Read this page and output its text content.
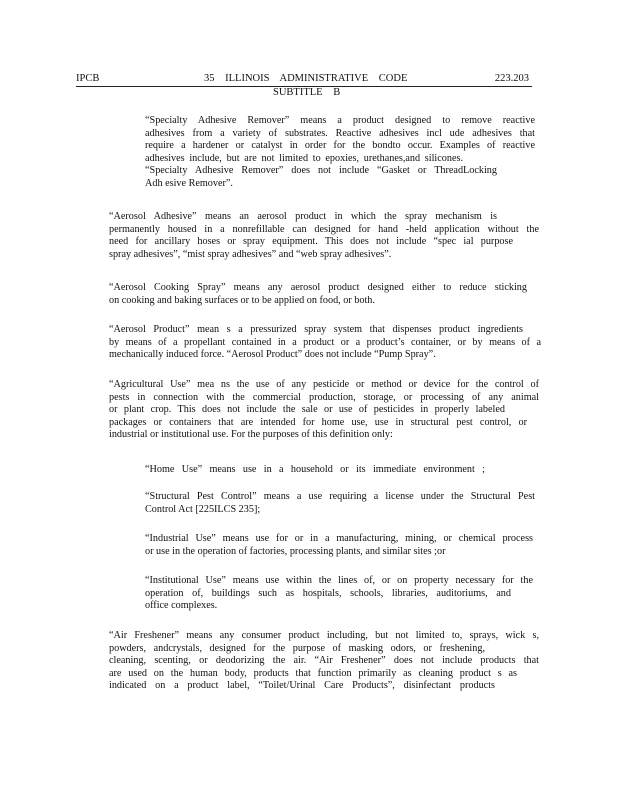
IPCB	35 ILLINOIS ADMINISTRATIVE CODE	223.203
SUBTITLE B
“Specialty Adhesive Remover” means a product designed to remove reactive
adhesives from a variety of substrates. Reactive adhesives incl ude adhesives that
require a hardener or catalyst in order for the bondto occur. Examples of reactive
adhesives include, but are not limited to epoxies, urethanes,and silicones.
“Specialty Adhesive Remover” does not include “Gasket or ThreadLocking
Adh esive Remover”.
“Aerosol Adhesive” means an aerosol product in which the spray mechanism is
permanently housed in a nonrefillable can designed for hand -held application without the
need for ancillary hoses or spray equipment. This does not include “spec ial purpose
spray adhesives”, “mist spray adhesives” and “web spray adhesives”.
“Aerosol Cooking Spray” means any aerosol product designed either to reduce sticking
on cooking and baking surfaces or to be applied on food, or both.
“Aerosol Product” mean s a pressurized spray system that dispenses product ingredients
by means of a propellant contained in a product or a product’s container, or by means of a
mechanically induced force. “Aerosol Product” does not include “Pump Spray”.
“Agricultural Use” mea ns the use of any pesticide or method or device for the control of
pests in connection with the commercial production, storage, or processing of any animal
or plant crop. This does not include the sale or use of pesticides in properly labeled
packages or containers that are intended for home use, use in structural pest control, or
industrial or institutional use. For the purposes of this definition only:
“Home Use” means use in a household or its immediate environment ;
“Structural Pest Control” means a use requiring a license under the Structural Pest
Control Act [225ILCS 235];
“Industrial Use” means use for or in a manufacturing, mining, or chemical process
or use in the operation of factories, processing plants, and similar sites ;or
“Institutional Use” means use within the lines of, or on property necessary for the
operation of, buildings such as hospitals, schools, libraries, auditoriums, and
office complexes.
“Air Freshener” means any consumer product including, but not limited to, sprays, wick s,
powders, andcrystals, designed for the purpose of masking odors, or freshening,
cleaning, scenting, or deodorizing the air. “Air Freshener” does not include products that
are used on the human body, products that function primarily as cleaning product s as
indicated on a product label, “Toilet/Urinal Care Products”, disinfectant products
